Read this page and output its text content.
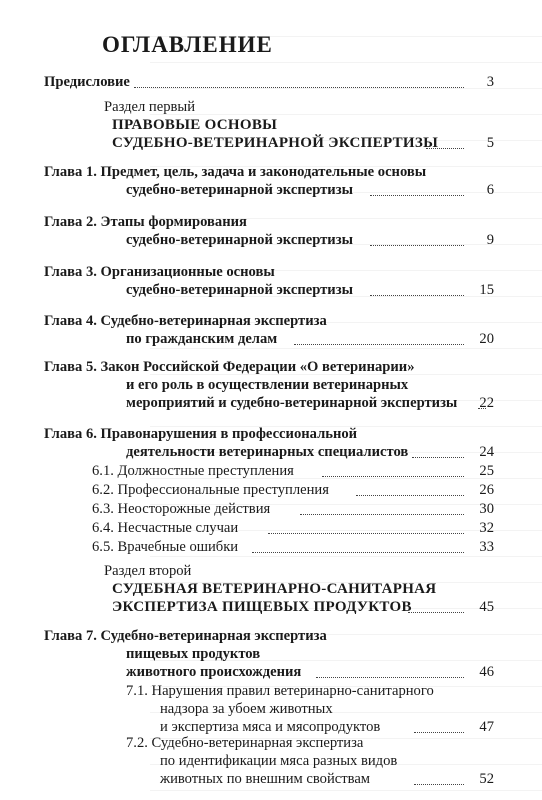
ОГЛАВЛЕНИЕ
Предисловие	3
Раздел первый
ПРАВОВЫЕ ОСНОВЫ
СУДЕБНО-ВЕТЕРИНАРНОЙ ЭКСПЕРТИЗЫ	5
Глава 1. Предмет, цель, задача и законодательные основы
судебно-ветеринарной экспертизы	6
Глава 2. Этапы формирования
судебно-ветеринарной экспертизы	9
Глава 3. Организационные основы
судебно-ветеринарной экспертизы	15
Глава 4. Судебно-ветеринарная экспертиза
по гражданским делам	20
Глава 5. Закон Российской Федерации «О ветеринарии»
и его роль в осуществлении ветеринарных
мероприятий и судебно-ветеринарной экспертизы 22
Глава 6. Правонарушения в профессиональной
деятельности ветеринарных специалистов	24
6.1. Должностные преступления	25
6.2. Профессиональные преступления	26
6.3. Неосторожные действия	30
6.4. Несчастные случаи	32
6.5. Врачебные ошибки	33
Раздел второй
СУДЕБНАЯ ВЕТЕРИНАРНО-САНИТАРНАЯ
ЭКСПЕРТИЗА ПИЩЕВЫХ ПРОДУКТОВ	45
Глава 7. Судебно-ветеринарная экспертиза
пищевых продуктов
животного происхождения	46
7.1. Нарушения правил ветеринарно-санитарного
надзора за убоем животных
и экспертиза мяса и мясопродуктов	47
7.2. Судебно-ветеринарная экспертиза
по идентификации мяса разных видов
животных по внешним свойствам	52
